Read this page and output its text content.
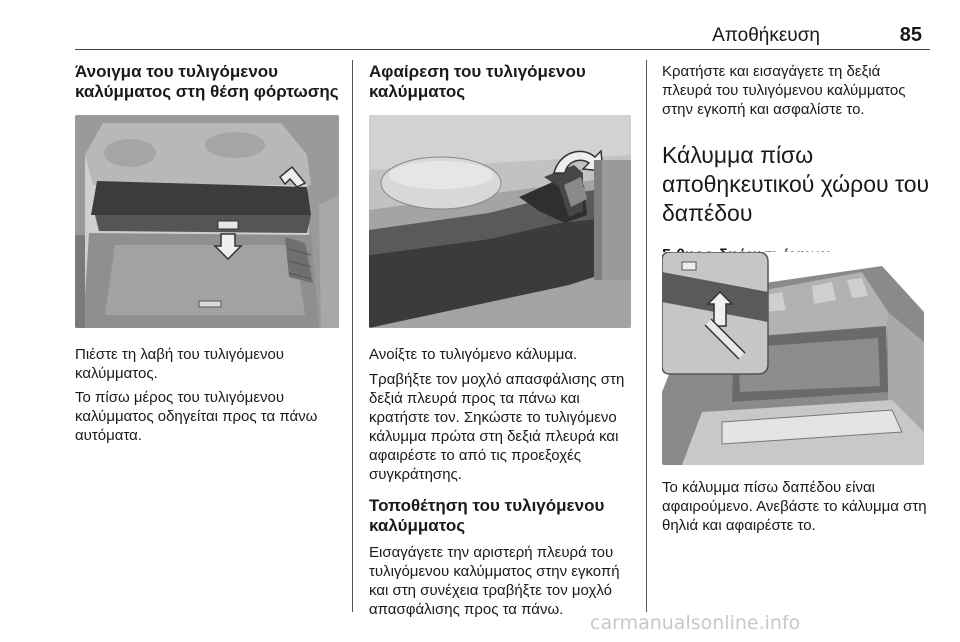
Αποθήκευση	85
Άνοιγμα του τυλιγόμενου καλύμματος στη θέση φόρτωσης

Πιέστε τη λαβή του τυλιγόμενου καλύμματος.

Το πίσω μέρος του τυλιγόμενου καλύμματος οδηγείται προς τα πάνω αυτόματα.

Αφαίρεση του τυλιγόμενου καλύμματος

Ανοίξτε το τυλιγόμενο κάλυμμα.

Τραβήξτε τον μοχλό απασφάλισης στη δεξιά πλευρά προς τα πάνω και κρατήστε τον. Σηκώστε το τυλιγόμενο κάλυμμα πρώτα στη δεξιά πλευρά και αφαιρέστε το από τις προεξοχές συγκράτησης.

Τοποθέτηση του τυλιγόμενου καλύμματος

Εισαγάγετε την αριστερή πλευρά του τυλιγόμενου καλύμματος στην εγκοπή και στη συνέχεια τραβήξτε τον μοχλό απασφάλισης προς τα πάνω.

Κρατήστε και εισαγάγετε τη δεξιά πλευρά του τυλιγόμενου καλύμματος στην εγκοπή και ασφαλίστε το.

Κάλυμμα πίσω αποθηκευτικού χώρου του δαπέδου

Το κάλυμμα πίσω δαπέδου είναι αφαιρούμενο. Ανεβάστε το κάλυμμα στη θηλιά και αφαιρέστε το.

carmanualsonline.info
